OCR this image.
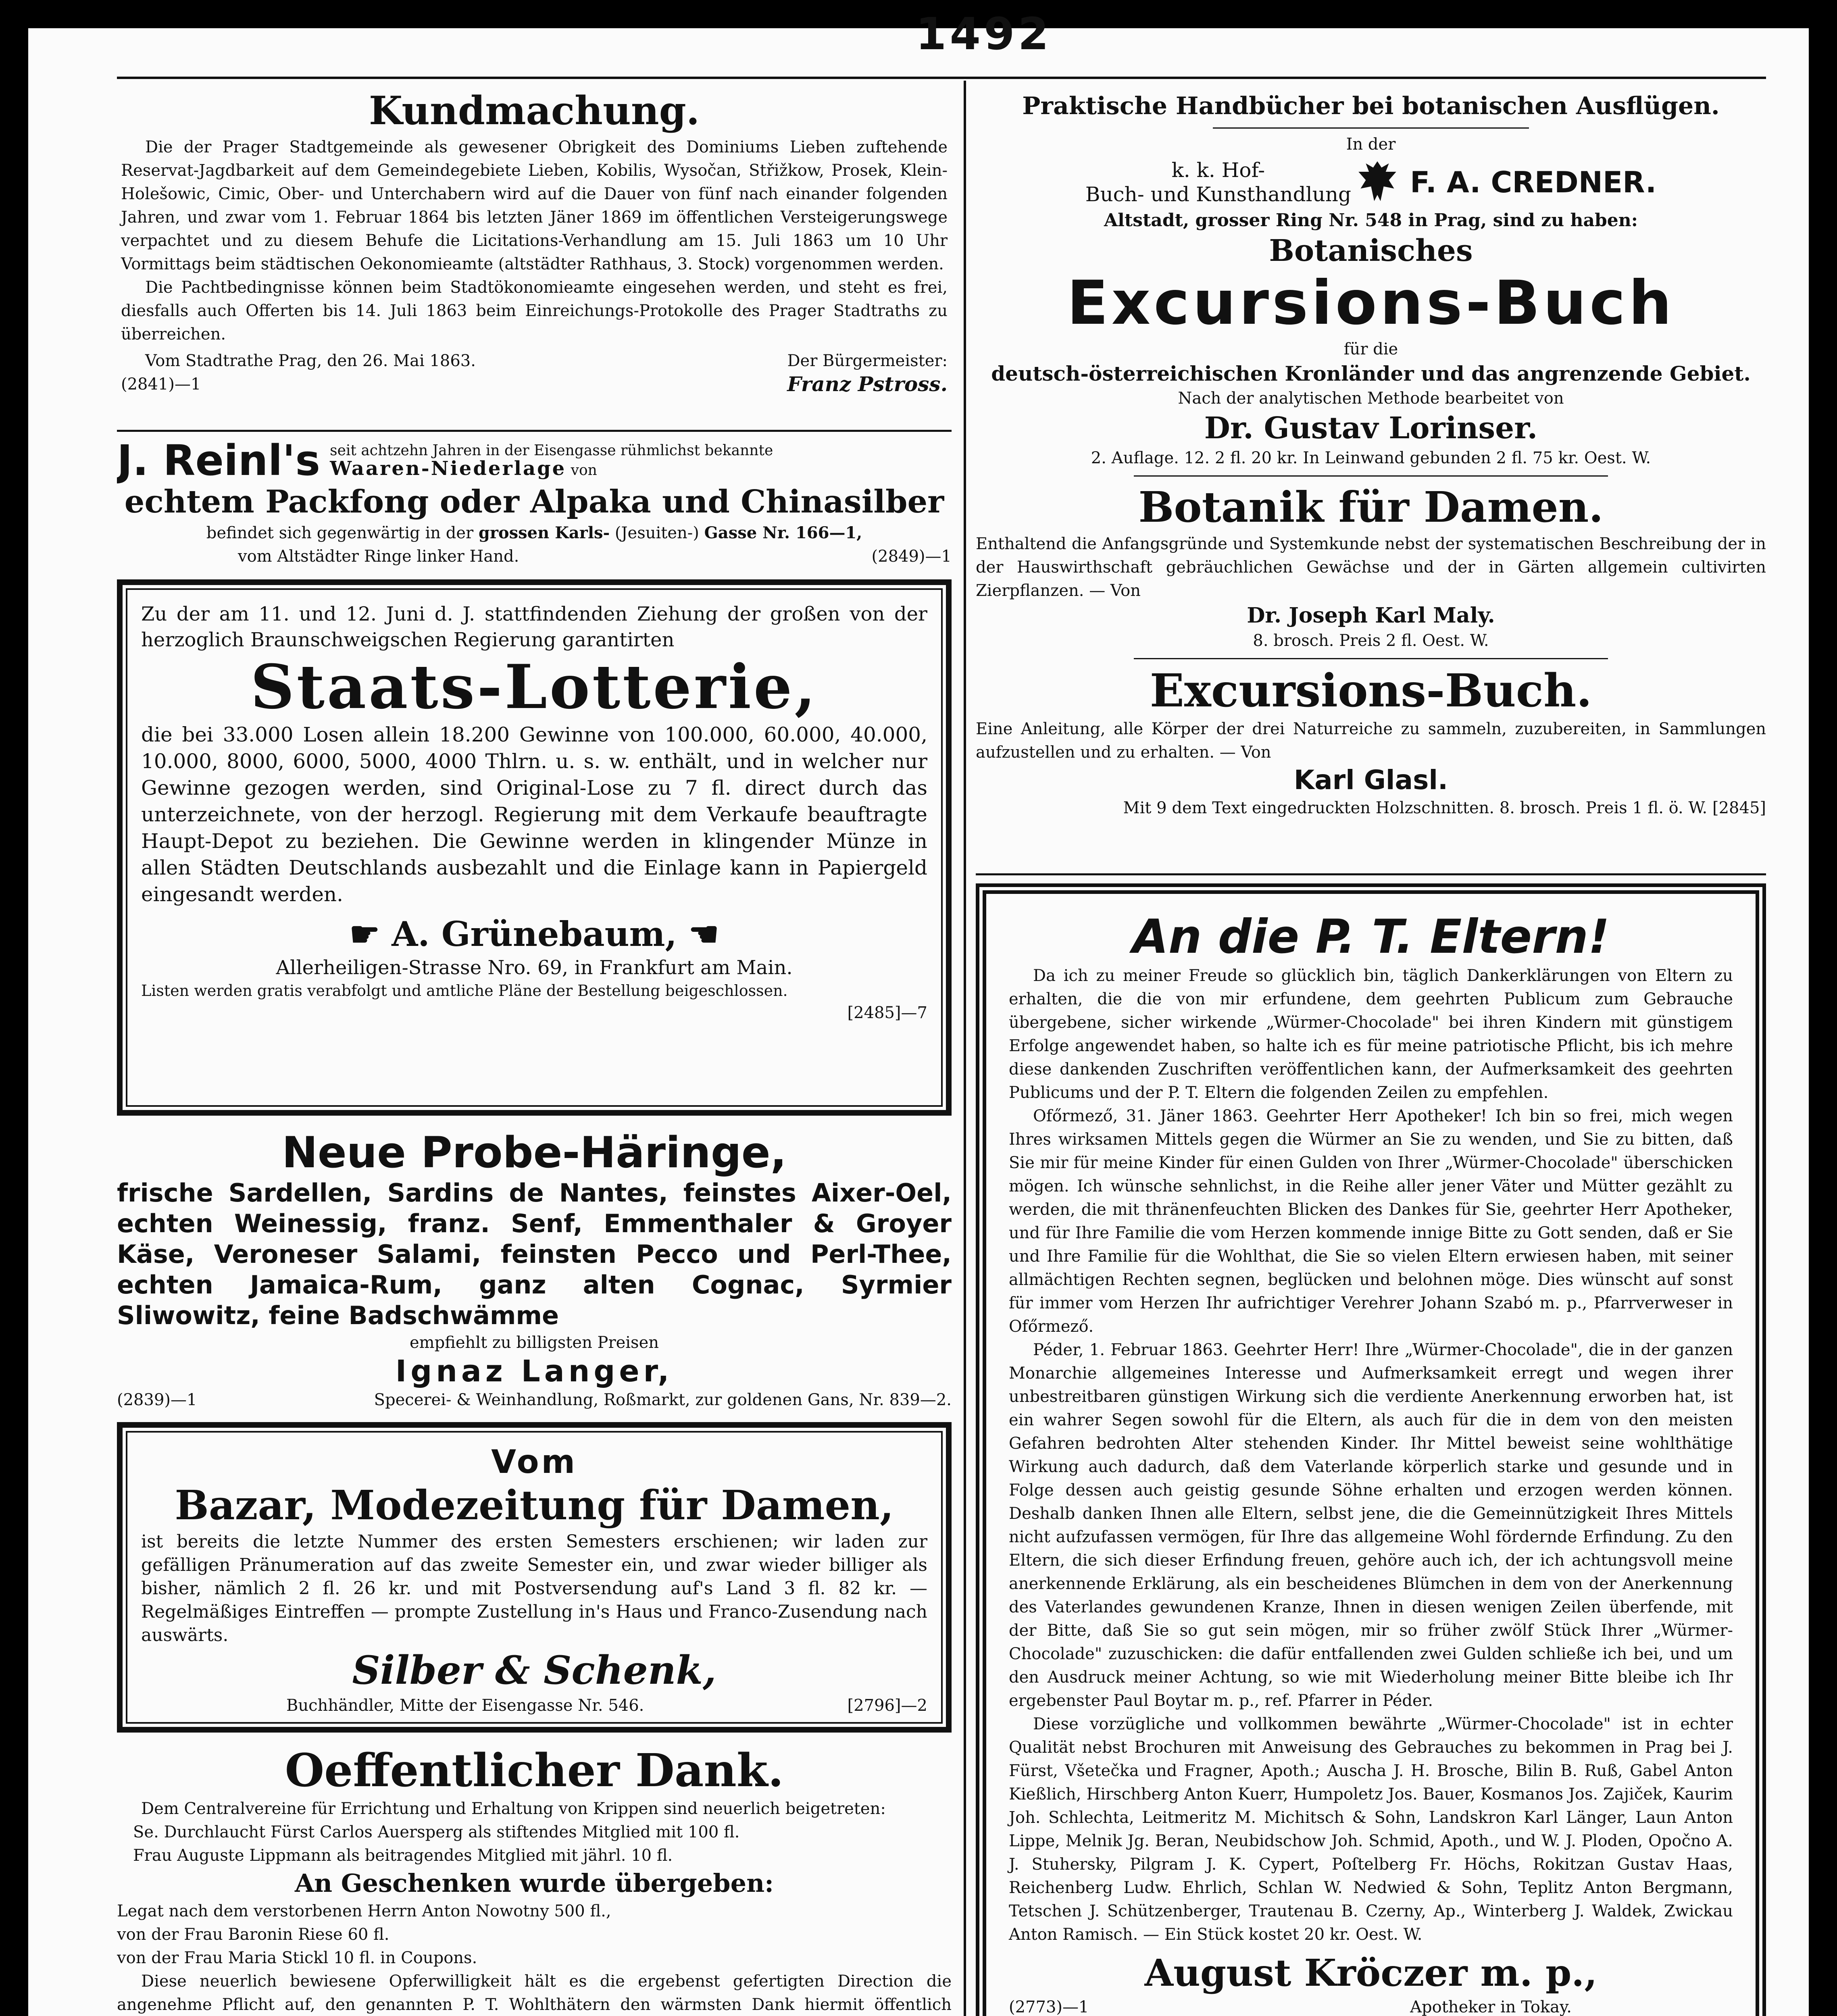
1492
Kundmachung.
Die der Prager Stadtgemeinde als gewesener Obrigkeit des Dominiums Lieben zuftehende Reservat-Jagdbarkeit auf dem Gemeindegebiete Lieben, Kobilis, Wysočan, Střižkow, Prosek, Klein-Holešowic, Cimic, Ober- und Unterchabern wird auf die Dauer von fünf nach einander folgenden Jahren, und zwar vom 1. Februar 1864 bis letzten Jäner 1869 im öffentlichen Versteigerungswege verpachtet und zu diesem Behufe die Licitations-Verhandlung am 15. Juli 1863 um 10 Uhr Vormittags beim städtischen Oekonomieamte (altstädter Rathhaus, 3. Stock) vorgenommen werden.
Die Pachtbedingnisse können beim Stadtökonomieamte eingesehen werden, und steht es frei, diesfalls auch Offerten bis 14. Juli 1863 beim Einreichungs-Protokolle des Prager Stadtraths zu überreichen.
Vom Stadtrathe Prag, den 26. Mai 1863.	Der Bürgermeister:
(2841)—1	Franz Pstross.
J. Reinl's seit achtzehn Jahren in der Eisengasse rühmlichst bekannte
Waaren-Niederlage von
echtem Packfong oder Alpaka und Chinasilber
befindet sich gegenwärtig in der grossen Karls- (Jesuiten-) Gasse Nr. 166—1,
vom Altstädter Ringe linker Hand.	(2849)—1
Zu der am 11. und 12. Juni d. J. stattfindenden Ziehung der großen von der herzoglich Braunschweigschen Regierung garantirten
Staats-Lotterie,
die bei 33.000 Losen allein 18.200 Gewinne von 100.000, 60.000, 40.000, 10.000, 8000, 6000, 5000, 4000 Thlrn. u. s. w. enthält, und in welcher nur Gewinne gezogen werden, sind Original-Lose zu 7 fl. direct durch das unterzeichnete, von der herzogl. Regierung mit dem Verkaufe beauftragte Haupt-Depot zu beziehen. Die Gewinne werden in klingender Münze in allen Städten Deutschlands ausbezahlt und die Einlage kann in Papiergeld eingesandt werden.
☛ A. Grünebaum, ☚
Allerheiligen-Strasse Nro. 69, in Frankfurt am Main.
Listen werden gratis verabfolgt und amtliche Pläne der Bestellung beigeschlossen.
[2485]—7
Neue Probe-Häringe,
frische Sardellen, Sardins de Nantes, feinstes Aixer-Oel, echten Weinessig, franz. Senf, Emmenthaler & Groyer Käse, Veroneser Salami, feinsten Pecco und Perl-Thee, echten Jamaica-Rum, ganz alten Cognac, Syrmier Sliwowitz, feine Badschwämme
empfiehlt zu billigsten Preisen
Ignaz Langer,
(2839)—1	Specerei- & Weinhandlung, Roßmarkt, zur goldenen Gans, Nr. 839—2.
Vom
Bazar, Modezeitung für Damen,
ist bereits die letzte Nummer des ersten Semesters erschienen; wir laden zur gefälligen Pränumeration auf das zweite Semester ein, und zwar wieder billiger als bisher, nämlich 2 fl. 26 kr. und mit Postversendung auf's Land 3 fl. 82 kr. — Regelmäßiges Eintreffen — prompte Zustellung in's Haus und Franco-Zusendung nach auswärts.
Silber & Schenk,
Buchhändler, Mitte der Eisengasse Nr. 546.	[2796]—2
Oeffentlicher Dank.
Dem Centralvereine für Errichtung und Erhaltung von Krippen sind neuerlich beigetreten:
Se. Durchlaucht Fürst Carlos Auersperg als stiftendes Mitglied mit 100 fl.
Frau Auguste Lippmann als beitragendes Mitglied mit jährl. 10 fl.
An Geschenken wurde übergeben:
Legat nach dem verstorbenen Herrn Anton Nowotny 500 fl.,
von der Frau Baronin Riese 60 fl.
von der Frau Maria Stickl 10 fl. in Coupons.
Diese neuerlich bewiesene Opferwilligkeit hält es die ergebenst gefertigten Direction die angenehme Pflicht auf, den genannten P. T. Wohlthätern den wärmsten Dank hiermit öffentlich
Praktische Handbücher bei botanischen Ausflügen.
In der
k. k. Hof-
Buch- und Kunsthandlung F. A. CREDNER.
Altstadt, grosser Ring Nr. 548 in Prag, sind zu haben:
Botanisches
Excursions-Buch
für die
deutsch-österreichischen Kronländer und das angrenzende Gebiet.
Nach der analytischen Methode bearbeitet von
Dr. Gustav Lorinser.
2. Auflage. 12. 2 fl. 20 kr. In Leinwand gebunden 2 fl. 75 kr. Oest. W.
Botanik für Damen.
Enthaltend die Anfangsgründe und Systemkunde nebst der systematischen Beschreibung der in der Hauswirthschaft gebräuchlichen Gewächse und der in Gärten allgemein cultivirten Zierpflanzen. — Von
Dr. Joseph Karl Maly.
8. brosch. Preis 2 fl. Oest. W.
Excursions-Buch.
Eine Anleitung, alle Körper der drei Naturreiche zu sammeln, zuzubereiten, in Sammlungen aufzustellen und zu erhalten. — Von
Karl Glasl.
Mit 9 dem Text eingedruckten Holzschnitten. 8. brosch. Preis 1 fl. ö. W. [2845]
An die P. T. Eltern!
Da ich zu meiner Freude so glücklich bin, täglich Dankerklärungen von Eltern zu erhalten, die die von mir erfundene, dem geehrten Publicum zum Gebrauche übergebene, sicher wirkende „Würmer-Chocolade" bei ihren Kindern mit günstigem Erfolge angewendet haben, so halte ich es für meine patriotische Pflicht, bis ich mehre diese dankenden Zuschriften veröffentlichen kann, der Aufmerksamkeit des geehrten Publicums und der P. T. Eltern die folgenden Zeilen zu empfehlen.
Ofőrmező, 31. Jäner 1863. Geehrter Herr Apotheker! Ich bin so frei, mich wegen Ihres wirksamen Mittels gegen die Würmer an Sie zu wenden, und Sie zu bitten, daß Sie mir für meine Kinder für einen Gulden von Ihrer „Würmer-Chocolade" überschicken mögen. Ich wünsche sehnlichst, in die Reihe aller jener Väter und Mütter gezählt zu werden, die mit thränenfeuchten Blicken des Dankes für Sie, geehrter Herr Apotheker, und für Ihre Familie die vom Herzen kommende innige Bitte zu Gott senden, daß er Sie und Ihre Familie für die Wohlthat, die Sie so vielen Eltern erwiesen haben, mit seiner allmächtigen Rechten segnen, beglücken und belohnen möge. Dies wünscht auf sonst für immer vom Herzen Ihr aufrichtiger Verehrer Johann Szabó m. p., Pfarrverweser in Ofőrmező.
Péder, 1. Februar 1863. Geehrter Herr! Ihre „Würmer-Chocolade", die in der ganzen Monarchie allgemeines Interesse und Aufmerksamkeit erregt und wegen ihrer unbestreitbaren günstigen Wirkung sich die verdiente Anerkennung erworben hat, ist ein wahrer Segen sowohl für die Eltern, als auch für die in dem von den meisten Gefahren bedrohten Alter stehenden Kinder. Ihr Mittel beweist seine wohlthätige Wirkung auch dadurch, daß dem Vaterlande körperlich starke und gesunde und in Folge dessen auch geistig gesunde Söhne erhalten und erzogen werden können. Deshalb danken Ihnen alle Eltern, selbst jene, die die Gemeinnützigkeit Ihres Mittels nicht aufzufassen vermögen, für Ihre das allgemeine Wohl fördernde Erfindung. Zu den Eltern, die sich dieser Erfindung freuen, gehöre auch ich, der ich achtungsvoll meine anerkennende Erklärung, als ein bescheidenes Blümchen in dem von der Anerkennung des Vaterlandes gewundenen Kranze, Ihnen in diesen wenigen Zeilen überfende, mit der Bitte, daß Sie so gut sein mögen, mir so früher zwölf Stück Ihrer „Würmer-Chocolade" zuzuschicken: die dafür entfallenden zwei Gulden schließe ich bei, und um den Ausdruck meiner Achtung, so wie mit Wiederholung meiner Bitte bleibe ich Ihr ergebenster Paul Boytar m. p., ref. Pfarrer in Péder.
Diese vorzügliche und vollkommen bewährte „Würmer-Chocolade" ist in echter Qualität nebst Brochuren mit Anweisung des Gebrauches zu bekommen in Prag bei J. Fürst, Všetečka und Fragner, Apoth.; Auscha J. H. Brosche, Bilin B. Ruß, Gabel Anton Kießlich, Hirschberg Anton Kuerr, Humpoletz Jos. Bauer, Kosmanos Jos. Zajiček, Kaurim Joh. Schlechta, Leitmeritz M. Michitsch & Sohn, Landskron Karl Länger, Laun Anton Lippe, Melnik Jg. Beran, Neubidschow Joh. Schmid, Apoth., und W. J. Ploden, Opočno A. J. Stuhersky, Pilgram J. K. Cypert, Poſtelberg Fr. Höchs, Rokitzan Gustav Haas, Reichenberg Ludw. Ehrlich, Schlan W. Nedwied & Sohn, Teplitz Anton Bergmann, Tetschen J. Schützenberger, Trautenau B. Czerny, Ap., Winterberg J. Waldek, Zwickau Anton Ramisch. — Ein Stück kostet 20 kr. Oest. W.
August Kröczer m. p.,
(2773)—1	Apotheker in Tokay.
